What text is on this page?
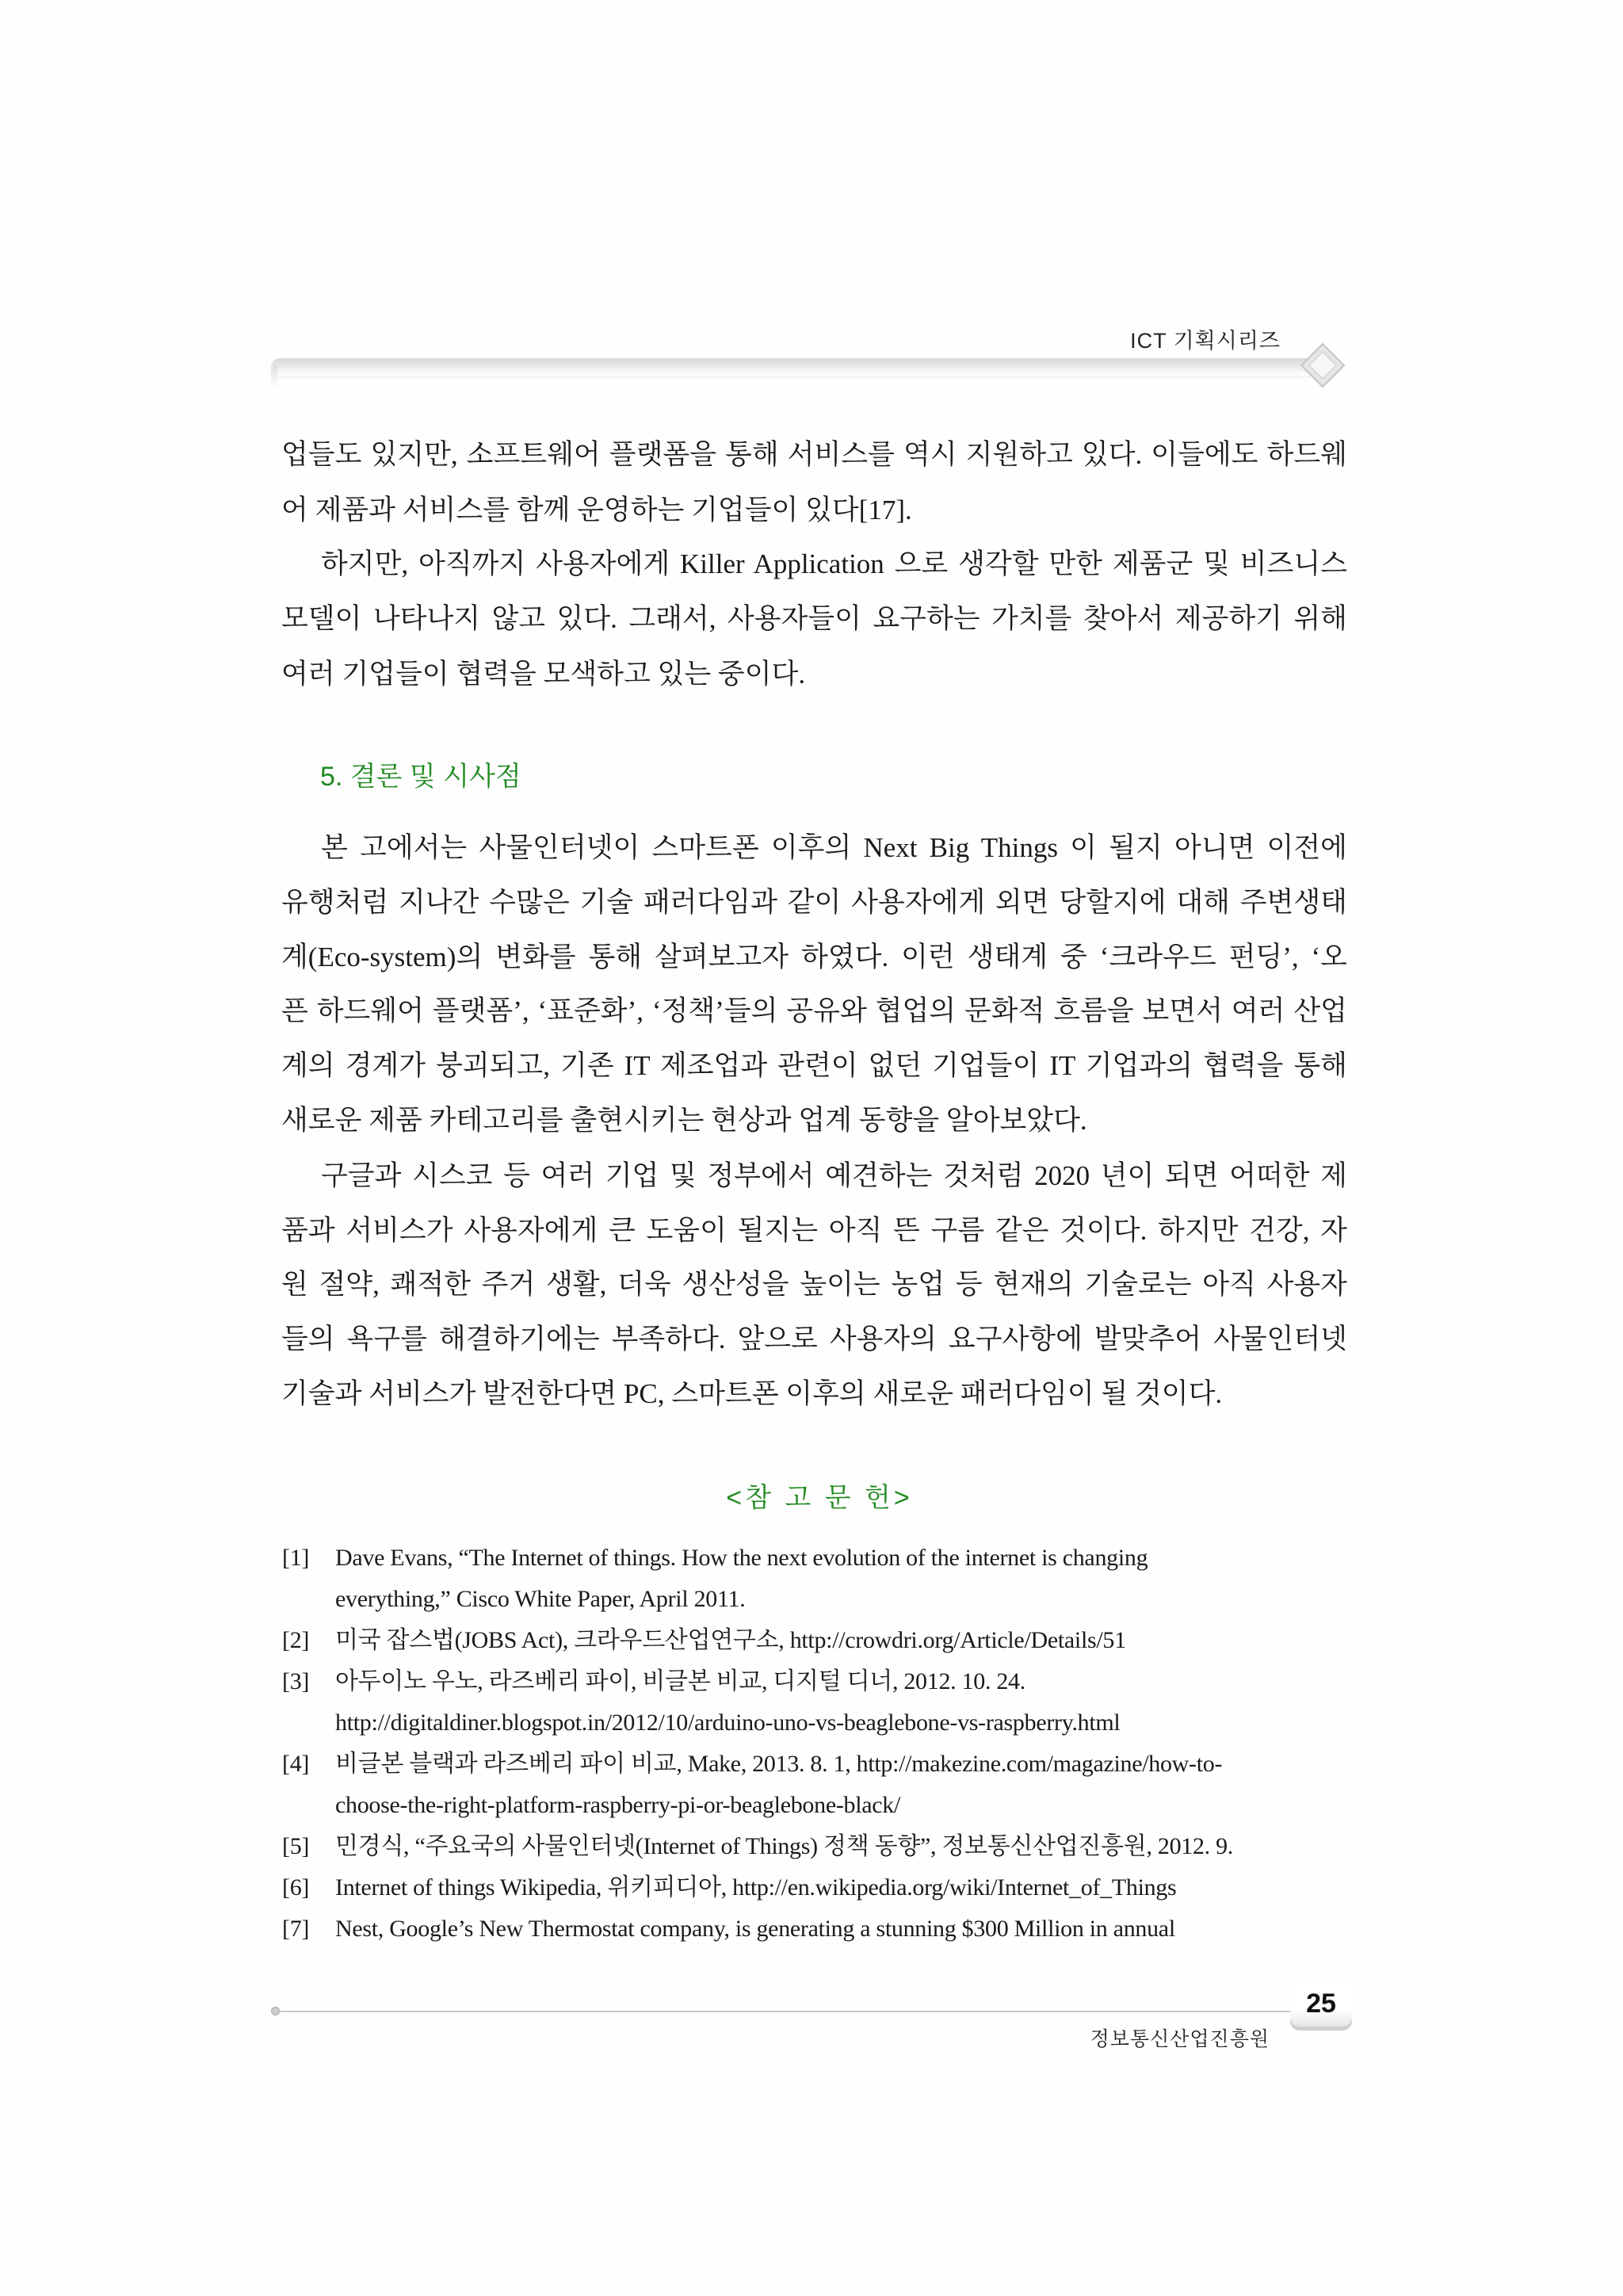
ICT 기획시리즈
업들도 있지만, 소프트웨어 플랫폼을 통해 서비스를 역시 지원하고 있다. 이들에도 하드웨
어 제품과 서비스를 함께 운영하는 기업들이 있다[17].
하지만, 아직까지 사용자에게 Killer Application 으로 생각할 만한 제품군 및 비즈니스
모델이 나타나지 않고 있다. 그래서, 사용자들이 요구하는 가치를 찾아서 제공하기 위해
여러 기업들이 협력을 모색하고 있는 중이다.
5. 결론 및 시사점
본 고에서는 사물인터넷이 스마트폰 이후의 Next Big Things 이 될지 아니면 이전에
유행처럼 지나간 수많은 기술 패러다임과 같이 사용자에게 외면 당할지에 대해 주변생태
계(Eco-system)의 변화를 통해 살펴보고자 하였다. 이런 생태계 중 ‘크라우드 펀딩’, ‘오
픈 하드웨어 플랫폼’, ‘표준화’, ‘정책’들의 공유와 협업의 문화적 흐름을 보면서 여러 산업
계의 경계가 붕괴되고, 기존 IT 제조업과 관련이 없던 기업들이 IT 기업과의 협력을 통해
새로운 제품 카테고리를 출현시키는 현상과 업계 동향을 알아보았다.
구글과 시스코 등 여러 기업 및 정부에서 예견하는 것처럼 2020 년이 되면 어떠한 제
품과 서비스가 사용자에게 큰 도움이 될지는 아직 뜬 구름 같은 것이다. 하지만 건강, 자
원 절약, 쾌적한 주거 생활, 더욱 생산성을 높이는 농업 등 현재의 기술로는 아직 사용자
들의 욕구를 해결하기에는 부족하다. 앞으로 사용자의 요구사항에 발맞추어 사물인터넷
기술과 서비스가 발전한다면 PC, 스마트폰 이후의 새로운 패러다임이 될 것이다.
<참 고 문 헌>
[1] Dave Evans, “The Internet of things. How the next evolution of the internet is changing
everything,” Cisco White Paper, April 2011.
[2] 미국 잡스법(JOBS Act), 크라우드산업연구소, http://crowdri.org/Article/Details/51
[3] 아두이노 우노, 라즈베리 파이, 비글본 비교, 디지털 디너, 2012. 10. 24.
http://digitaldiner.blogspot.in/2012/10/arduino-uno-vs-beaglebone-vs-raspberry.html
[4] 비글본 블랙과 라즈베리 파이 비교, Make, 2013. 8. 1, http://makezine.com/magazine/how-to-
choose-the-right-platform-raspberry-pi-or-beaglebone-black/
[5] 민경식, “주요국의 사물인터넷(Internet of Things) 정책 동향”, 정보통신산업진흥원, 2012. 9.
[6] Internet of things Wikipedia, 위키피디아, http://en.wikipedia.org/wiki/Internet_of_Things
[7] Nest, Google’s New Thermostat company, is generating a stunning $300 Million in annual
25
정보통신산업진흥원
